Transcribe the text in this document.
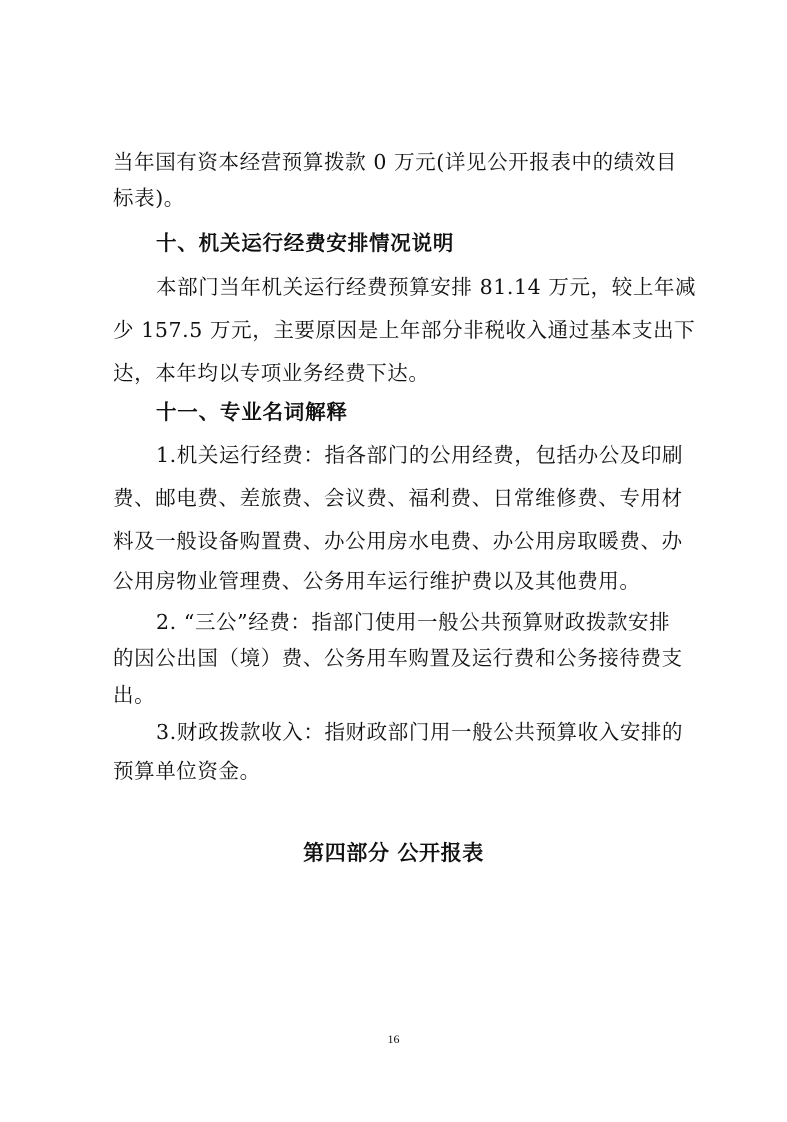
当年国有资本经营预算拨款 0 万元(详见公开报表中的绩效目
标表)。
十、机关运行经费安排情况说明
本部门当年机关运行经费预算安排 81.14 万元，较上年减
少 157.5 万元，主要原因是上年部分非税收入通过基本支出下
达，本年均以专项业务经费下达。
十一、专业名词解释
1.机关运行经费：指各部门的公用经费，包括办公及印刷
费、邮电费、差旅费、会议费、福利费、日常维修费、专用材
料及一般设备购置费、办公用房水电费、办公用房取暖费、办
公用房物业管理费、公务用车运行维护费以及其他费用。
2. “三公”经费：指部门使用一般公共预算财政拨款安排
的因公出国（境）费、公务用车购置及运行费和公务接待费支
出。
3.财政拨款收入：指财政部门用一般公共预算收入安排的
预算单位资金。
第四部分 公开报表
16
